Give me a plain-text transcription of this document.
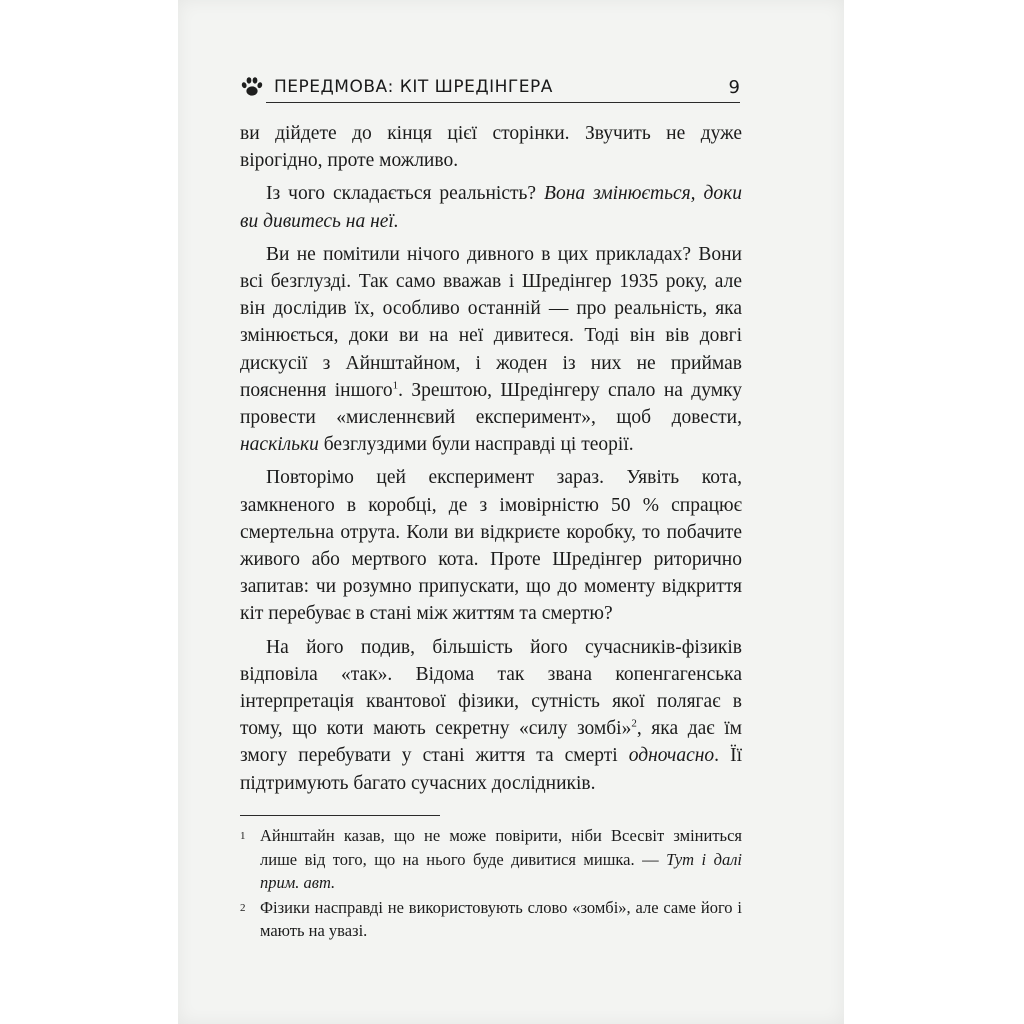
ПЕРЕДМОВА: КІТ ШРЕДІНГЕРА	9

ви дійдете до кінця цієї сторінки. Звучить не дуже вірогідно, проте можливо.

Із чого складається реальність? Вона змінюється, доки ви дивитесь на неї.

Ви не помітили нічого дивного в цих прикладах? Вони всі безглузді. Так само вважав і Шредінгер 1935 року, але він дослідив їх, особливо останній — про реальність, яка змінюється, доки ви на неї дивитеся. Тоді він вів довгі дискусії з Айнштайном, і жоден із них не приймав пояснення іншого$^1$. Зрештою, Шредінгеру спало на думку провести «мисленнєвий експеримент», щоб довести, наскільки безглуздими були насправді ці теорії.

Повторімо цей експеримент зараз. Уявіть кота, замкненого в коробці, де з імовірністю 50 % спрацює смертельна отрута. Коли ви відкриєте коробку, то побачите живого або мертвого кота. Проте Шредінгер риторично запитав: чи розумно припускати, що до моменту відкриття кіт перебуває в стані між життям та смертю?

На його подив, більшість його сучасників-фізиків відповіла «так». Відома так звана копенгагенська інтерпретація квантової фізики, сутність якої полягає в тому, що коти мають секретну «силу зомбі»$^2$, яка дає їм змогу перебувати у стані життя та смерті одночасно. Її підтримують багато сучасних дослідників.

1 Айнштайн казав, що не може повірити, ніби Всесвіт зміниться лише від того, що на нього буде дивитися мишка. — Тут і далі прим. авт.
2 Фізики насправді не використовують слово «зомбі», але саме його і мають на увазі.
